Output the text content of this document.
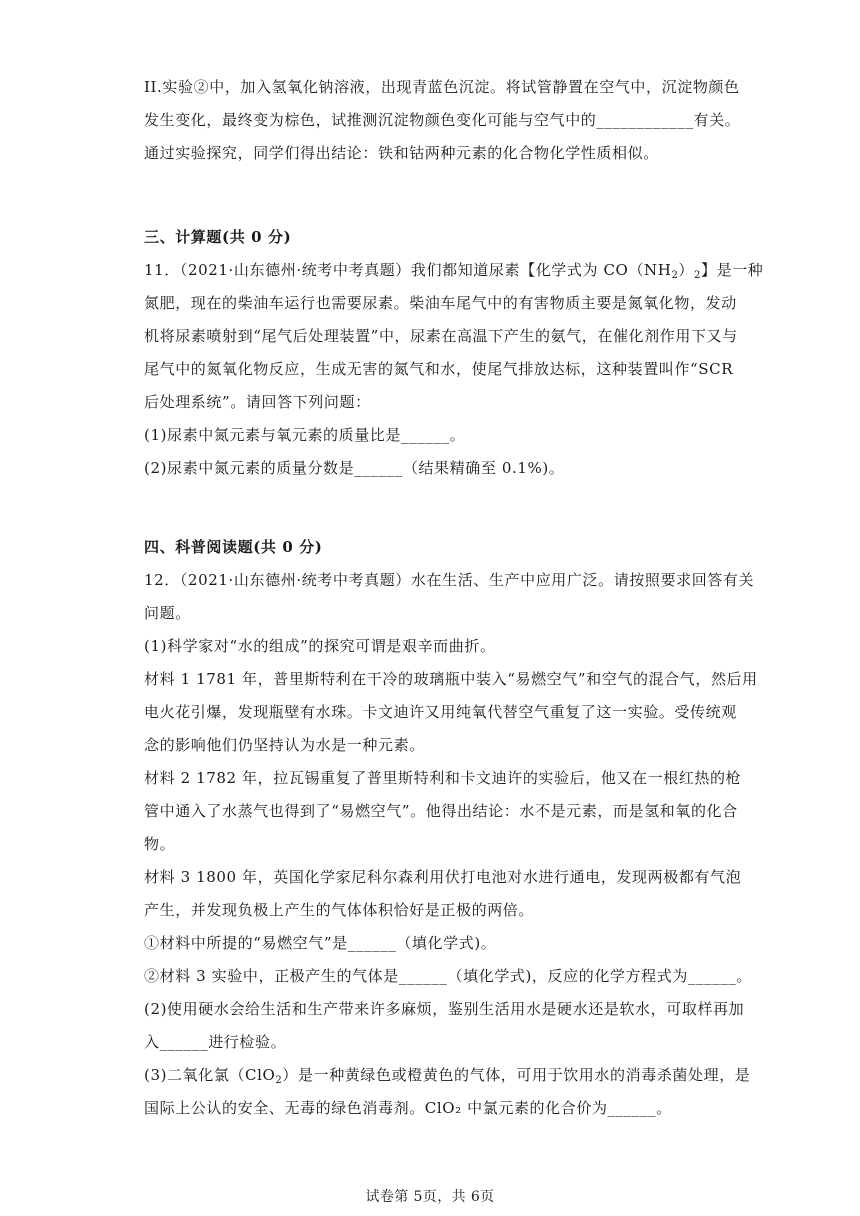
II.实验②中，加入氢氧化钠溶液，出现青蓝色沉淀。将试管静置在空气中，沉淀物颜色
发生变化，最终变为棕色，试推测沉淀物颜色变化可能与空气中的____________有关。
通过实验探究，同学们得出结论：铁和钴两种元素的化合物化学性质相似。
三、计算题(共 0 分)
11．（2021·山东德州·统考中考真题）我们都知道尿素【化学式为 $CO(NH_2)_2$】是一种
氮肥，现在的柴油车运行也需要尿素。柴油车尾气中的有害物质主要是氮氧化物，发动
机将尿素喷射到“尾气后处理装置”中，尿素在高温下产生的氨气，在催化剂作用下又与
尾气中的氮氧化物反应，生成无害的氮气和水，使尾气排放达标，这种装置叫作“SCR
后处理系统”。请回答下列问题：
(1)尿素中氮元素与氧元素的质量比是______。
(2)尿素中氮元素的质量分数是______（结果精确至 0.1%)。
四、科普阅读题(共 0 分)
12．（2021·山东德州·统考中考真题）水在生活、生产中应用广泛。请按照要求回答有关
问题。
(1)科学家对“水的组成”的探究可谓是艰辛而曲折。
材料 1 1781 年，普里斯特利在干冷的玻璃瓶中装入“易燃空气”和空气的混合气，然后用
电火花引爆，发现瓶壁有水珠。卡文迪许又用纯氧代替空气重复了这一实验。受传统观
念的影响他们仍坚持认为水是一种元素。
材料 2 1782 年，拉瓦锡重复了普里斯特利和卡文迪许的实验后，他又在一根红热的枪
管中通入了水蒸气也得到了“易燃空气”。他得出结论：水不是元素，而是氢和氧的化合
物。
材料 3 1800 年，英国化学家尼科尔森利用伏打电池对水进行通电，发现两极都有气泡
产生，并发现负极上产生的气体体积恰好是正极的两倍。
①材料中所提的“易燃空气”是______（填化学式)。
②材料 3 实验中，正极产生的气体是______（填化学式)，反应的化学方程式为______。
(2)使用硬水会给生活和生产带来许多麻烦，鉴别生活用水是硬水还是软水，可取样再加
入______进行检验。
(3)二氧化氯（ClO$_2$）是一种黄绿色或橙黄色的气体，可用于饮用水的消毒杀菌处理，是
国际上公认的安全、无毒的绿色消毒剂。ClO₂ 中氯元素的化合价为______。
试卷第 5页，共 6页
